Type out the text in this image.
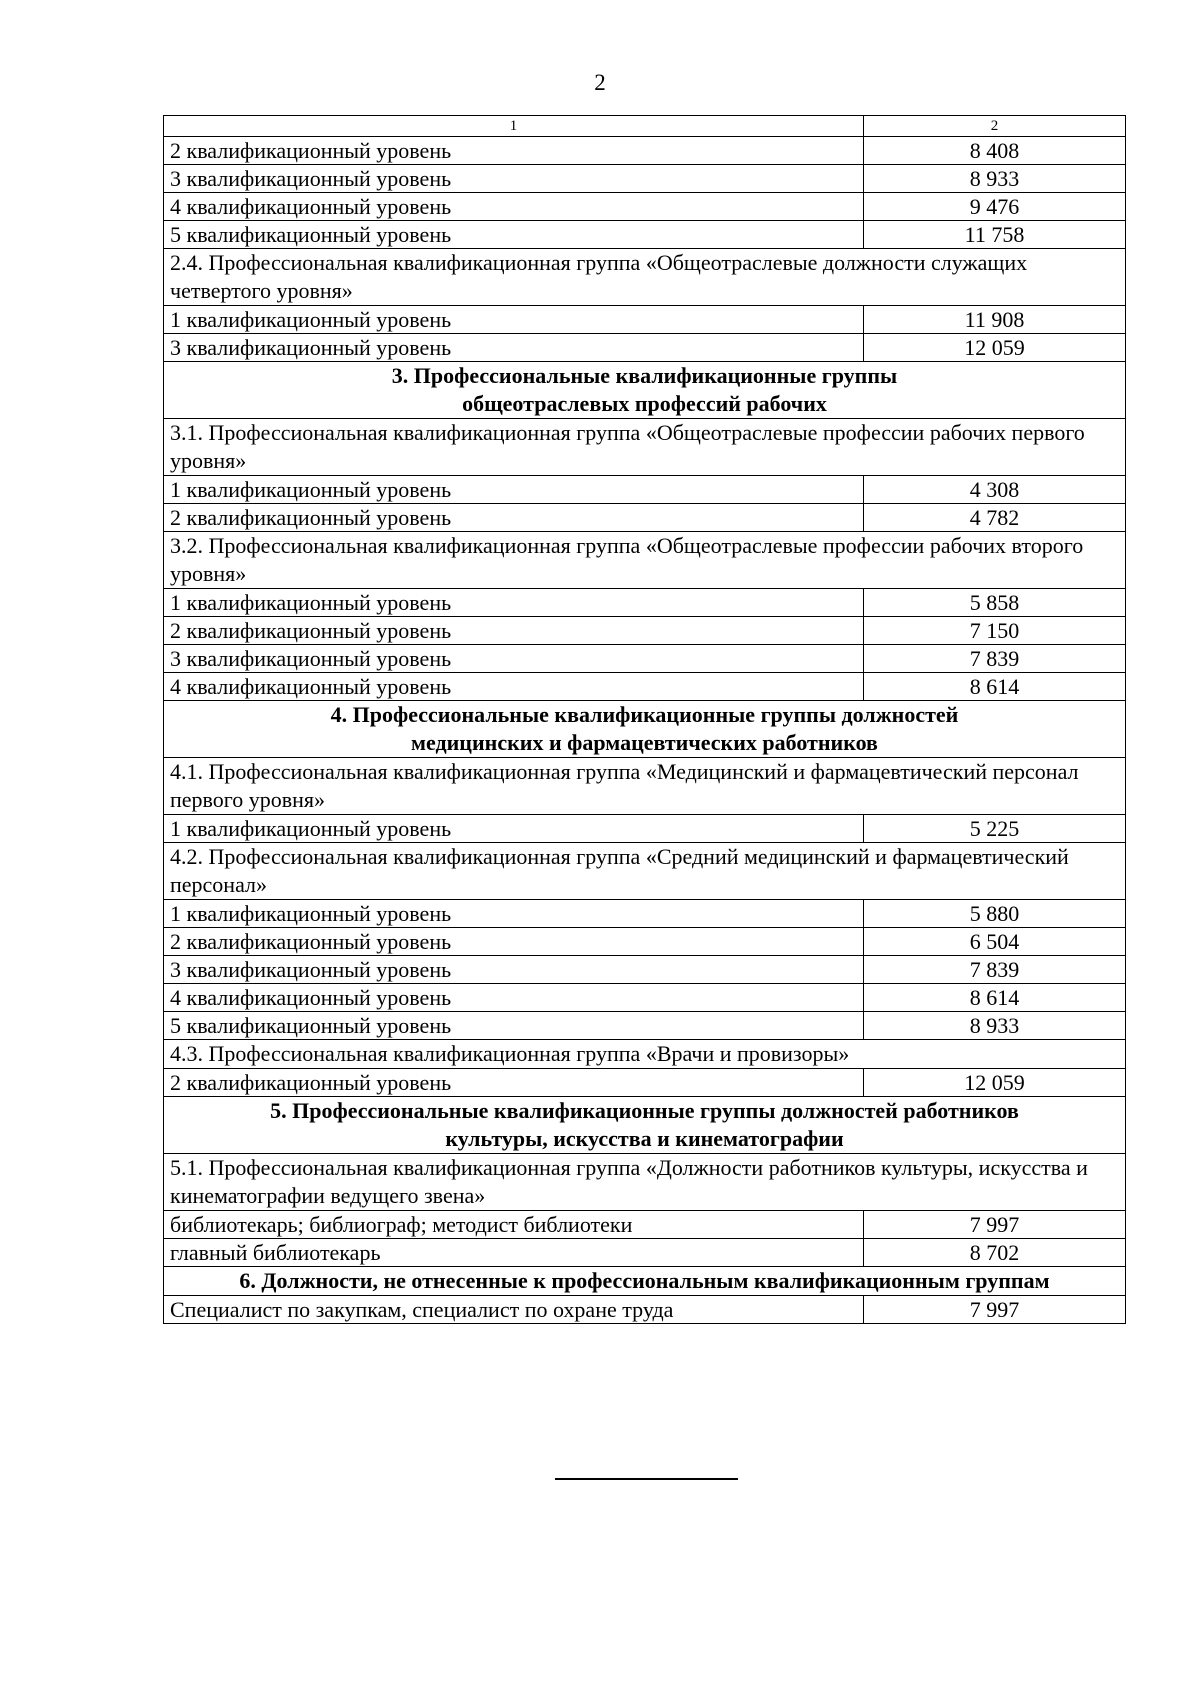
2
1	2
2 квалификационный уровень	8 408
3 квалификационный уровень	8 933
4 квалификационный уровень	9 476
5 квалификационный уровень	11 758
2.4. Профессиональная квалификационная группа «Общеотраслевые должности служащих четвертого уровня»	
1 квалификационный уровень	11 908
3 квалификационный уровень	12 059

3. Профессиональные квалификационные группы
общеотраслевых профессий рабочих	

3.1. Профессиональная квалификационная группа «Общеотраслевые профессии рабочих первого уровня»	
1 квалификационный уровень	4 308
2 квалификационный уровень	4 782
3.2. Профессиональная квалификационная группа «Общеотраслевые профессии рабочих второго уровня»	
1 квалификационный уровень	5 858
2 квалификационный уровень	7 150
3 квалификационный уровень	7 839
4 квалификационный уровень	8 614

4. Профессиональные квалификационные группы должностей
медицинских и фармацевтических работников	

4.1. Профессиональная квалификационная группа «Медицинский и фармацевтический персонал первого уровня»	
1 квалификационный уровень	5 225
4.2. Профессиональная квалификационная группа «Средний медицинский и фармацевтический персонал»	
1 квалификационный уровень	5 880
2 квалификационный уровень	6 504
3 квалификационный уровень	7 839
4 квалификационный уровень	8 614
5 квалификационный уровень	8 933
4.3. Профессиональная квалификационная группа «Врачи и провизоры»	
2 квалификационный уровень	12 059

5. Профессиональные квалификационные группы должностей работников
культуры, искусства и кинематографии	

5.1. Профессиональная квалификационная группа «Должности работников культуры, искусства и кинематографии ведущего звена»	
библиотекарь; библиограф; методист библиотеки	7 997
главный библиотекарь	8 702

6. Должности, не отнесенные к профессиональным квалификационным группам	

Специалист по закупкам, специалист по охране труда	7 997
